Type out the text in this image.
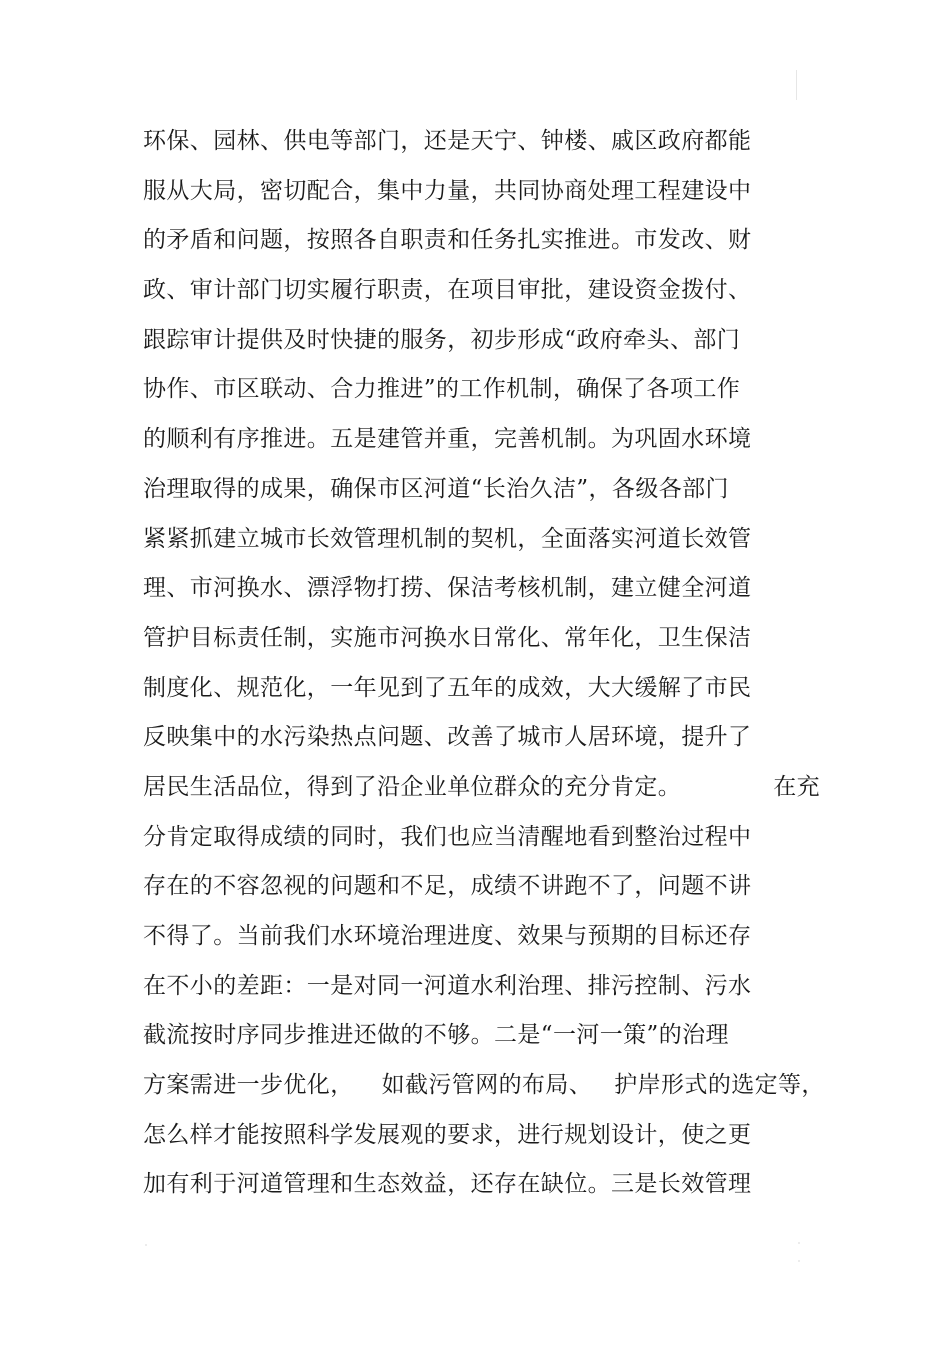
环保、园林、供电等部门，还是天宁、钟楼、戚区政府都能
服从大局，密切配合，集中力量，共同协商处理工程建设中
的矛盾和问题，按照各自职责和任务扎实推进。市发改、财
政、审计部门切实履行职责，在项目审批，建设资金拨付、
跟踪审计提供及时快捷的服务，初步形成“政府牵头、部门
协作、市区联动、合力推进”的工作机制，确保了各项工作
的顺利有序推进。五是建管并重，完善机制。为巩固水环境
治理取得的成果，确保市区河道“长治久洁”，各级各部门
紧紧抓建立城市长效管理机制的契机，全面落实河道长效管
理、市河换水、漂浮物打捞、保洁考核机制，建立健全河道
管护目标责任制，实施市河换水日常化、常年化，卫生保洁
制度化、规范化，一年见到了五年的成效，大大缓解了市民
反映集中的水污染热点问题、改善了城市人居环境，提升了
居民生活品位，得到了沿企业单位群众的充分肯定。	在充
分肯定取得成绩的同时，我们也应当清醒地看到整治过程中
存在的不容忽视的问题和不足，成绩不讲跑不了，问题不讲
不得了。当前我们水环境治理进度、效果与预期的目标还存
在不小的差距：一是对同一河道水利治理、排污控制、污水
截流按时序同步推进还做的不够。二是“一河一策”的治理
方案需进一步优化， 如截污管网的布局、 护岸形式的选定等，
怎么样才能按照科学发展观的要求，进行规划设计，使之更
加有利于河道管理和生态效益，还存在缺位。三是长效管理
